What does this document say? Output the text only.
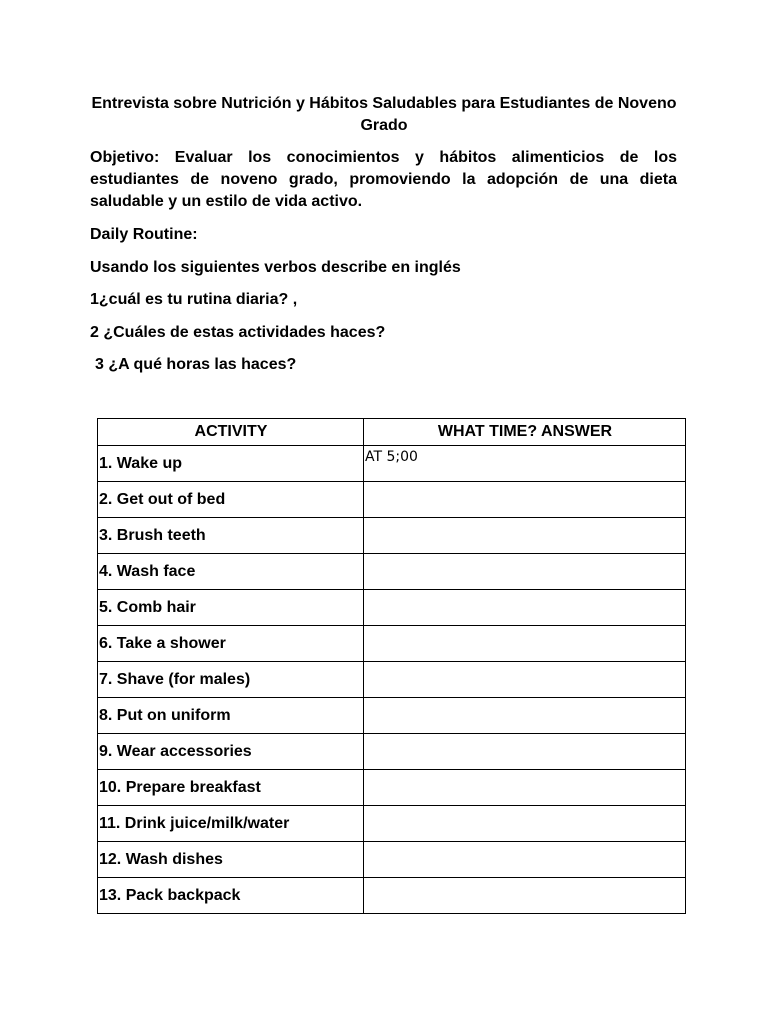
Entrevista sobre Nutrición y Hábitos Saludables para Estudiantes de Noveno Grado

Objetivo: Evaluar los conocimientos y hábitos alimenticios de los estudiantes de noveno grado, promoviendo la adopción de una dieta saludable y un estilo de vida activo.

Daily Routine:

Usando los siguientes verbos describe en inglés

1¿cuál es tu rutina diaria? ,

2 ¿Cuáles de estas actividades haces?

3 ¿A qué horas las haces?

ACTIVITY	WHAT TIME? ANSWER
1. Wake up	AT 5;00
2. Get out of bed	
3. Brush teeth	
4. Wash face	
5. Comb hair	
6. Take a shower	
7. Shave (for males)	
8. Put on uniform	
9. Wear accessories	
10. Prepare breakfast	
11. Drink juice/milk/water	
12. Wash dishes	
13. Pack backpack	
